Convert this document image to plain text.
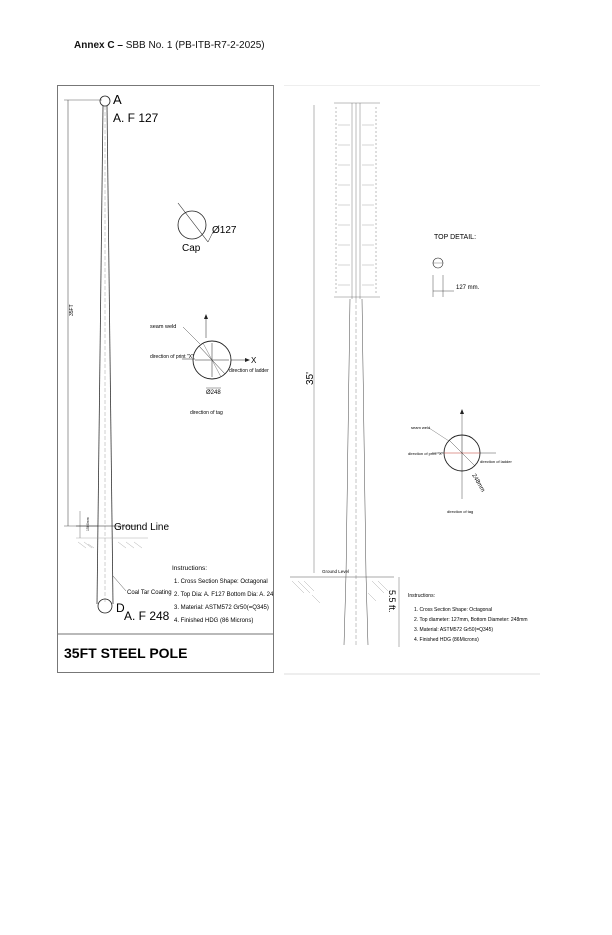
Annex C – SBB No. 1 (PB-ITB-R7-2-2025)
A
A. F 127
35FT
Ø127
Cap
seam weld
direction of print "X"	X
direction of ladder
Ø248
direction of tag
Ground Line
1500mm
Coal Tar Coating
D
A. F 248
Instructions:
1. Cross Section Shape: Octagonal
2. Top Dia: A. F127 Bottom Dia: A. 248
3. Material: ASTM572 Gr50(=Q345)
4. Finished HDG (86 Microns)
35FT STEEL POLE
35'
TOP DETAIL:
127 mm.
seam weld
direction of print "X"
direction of ladder
248mm
direction of tag
Ground Level
5.5 ft. Instructions:
1. Cross Section Shape: Octagonal
2. Top diameter: 127mm, Bottom Diameter: 248mm
3. Material: ASTM572 Gr50(=Q345)
4. Finished HDG (86Microns)
